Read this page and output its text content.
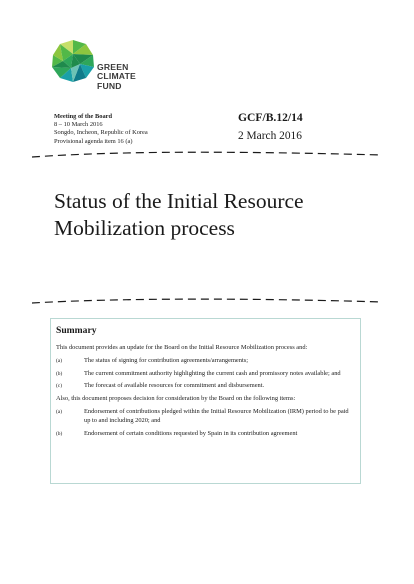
GREEN
CLIMATE
FUND
Meeting of the Board
8 – 10 March 2016
Songdo, Incheon, Republic of Korea
Provisional agenda item 16 (a)
GCF/B.12/14
2 March 2016
Status of the Initial Resource
Mobilization process
Summary
This document provides an update for the Board on the Initial Resource Mobilization process and:
(a)	The status of signing for contribution agreements/arrangements;
(b)	The current commitment authority highlighting the current cash and promissory notes available; and
(c)	The forecast of available resources for commitment and disbursement.
Also, this document proposes decision for consideration by the Board on the following items:
(a)	Endorsement of contributions pledged within the Initial Resource Mobilization (IRM) period to be paid up to and including 2020; and
(b)	Endorsement of certain conditions requested by Spain in its contribution agreement
